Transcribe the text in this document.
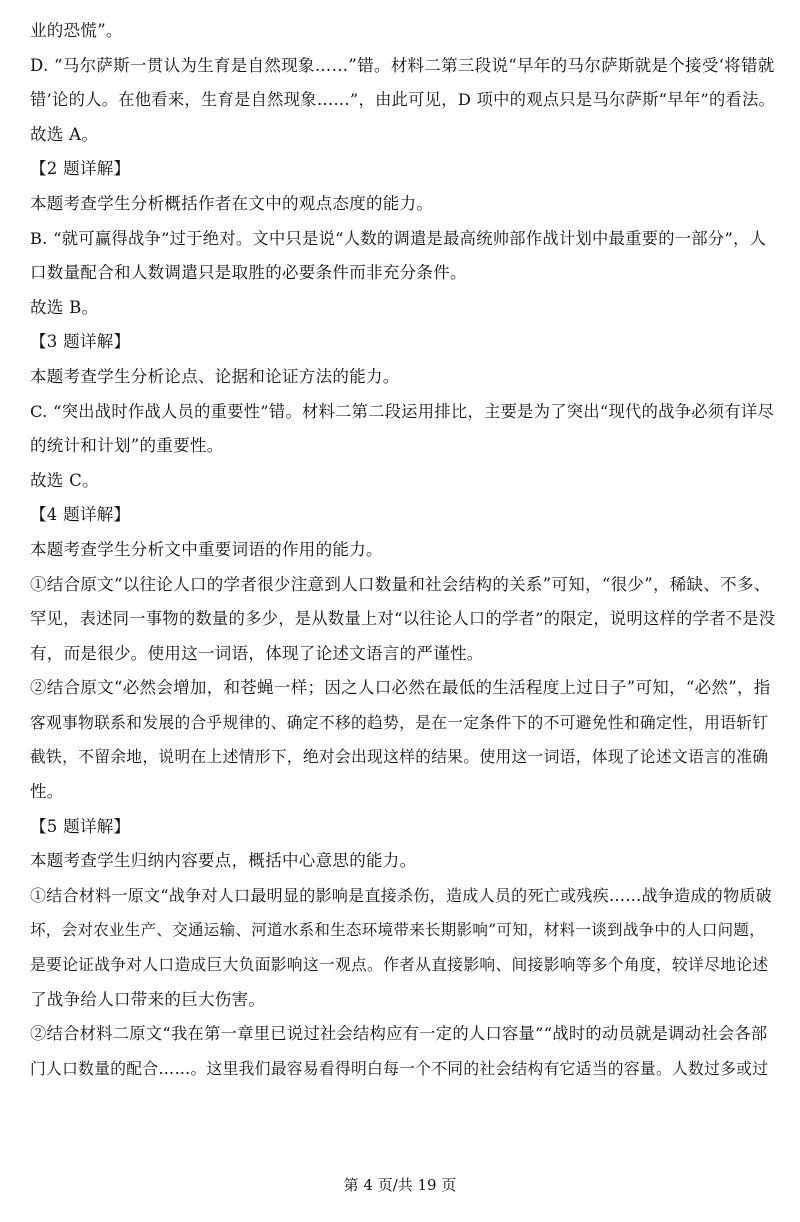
业的恐慌”。
D. “马尔萨斯一贯认为生育是自然现象……”错。材料二第三段说“早年的马尔萨斯就是个接受‘将错就
错’论的人。在他看来，生育是自然现象……”，由此可见，D 项中的观点只是马尔萨斯“早年”的看法。
故选 A。
【2 题详解】
本题考查学生分析概括作者在文中的观点态度的能力。
B. “就可赢得战争”过于绝对。文中只是说“人数的调遣是最高统帅部作战计划中最重要的一部分”，人
口数量配合和人数调遣只是取胜的必要条件而非充分条件。
故选 B。
【3 题详解】
本题考查学生分析论点、论据和论证方法的能力。
C. “突出战时作战人员的重要性”错。材料二第二段运用排比，主要是为了突出“现代的战争必须有详尽
的统计和计划”的重要性。
故选 C。
【4 题详解】
本题考查学生分析文中重要词语的作用的能力。
①结合原文“以往论人口的学者很少注意到人口数量和社会结构的关系”可知，“很少”，稀缺、不多、
罕见，表述同一事物的数量的多少，是从数量上对“以往论人口的学者”的限定，说明这样的学者不是没
有，而是很少。使用这一词语，体现了论述文语言的严谨性。
②结合原文“必然会增加，和苍蝇一样；因之人口必然在最低的生活程度上过日子”可知，“必然”，指
客观事物联系和发展的合乎规律的、确定不移的趋势，是在一定条件下的不可避免性和确定性，用语斩钉
截铁，不留余地，说明在上述情形下，绝对会出现这样的结果。使用这一词语，体现了论述文语言的准确
性。
【5 题详解】
本题考查学生归纳内容要点，概括中心意思的能力。
①结合材料一原文“战争对人口最明显的影响是直接杀伤，造成人员的死亡或残疾……战争造成的物质破
坏，会对农业生产、交通运输、河道水系和生态环境带来长期影响”可知，材料一谈到战争中的人口问题，
是要论证战争对人口造成巨大负面影响这一观点。作者从直接影响、间接影响等多个角度，较详尽地论述
了战争给人口带来的巨大伤害。
②结合材料二原文“我在第一章里已说过社会结构应有一定的人口容量”“战时的动员就是调动社会各部
门人口数量的配合……。这里我们最容易看得明白每一个不同的社会结构有它适当的容量。人数过多或过
第 4 页/共 19 页
